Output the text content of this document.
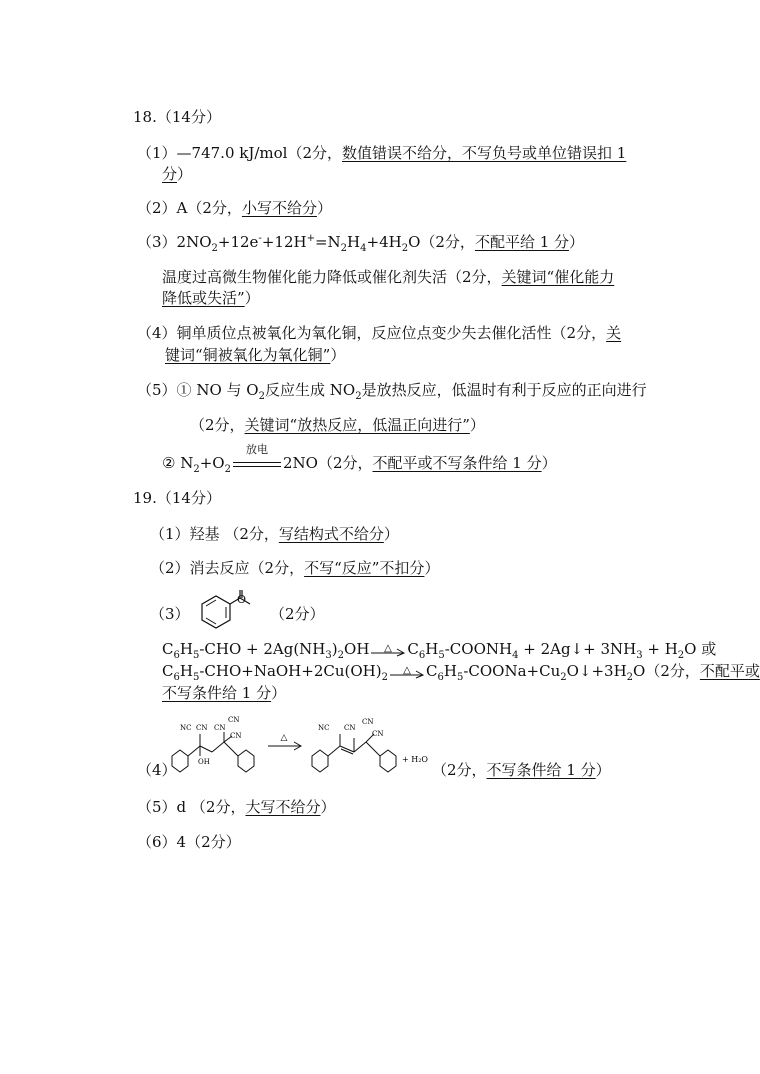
18.（14分）
（1）—747.0 kJ/mol（2分，数值错误不给分，不写负号或单位错误扣 1
分）
（2）A（2分，小写不给分）
$(3)2NO_2+12e^-+12H^+=N_2H_4+4H_2O(2$分，不配平给 1 分）
温度过高微生物催化能力降低或催化剂失活（2分，关键词“催化能力
降低或失活”）
（4）铜单质位点被氧化为氧化铜，反应位点变少失去催化活性（2分，关
键词“铜被氧化为氧化铜”）
（5）① NO 与 $O_2$反应生成 $NO_2$是放热反应，低温时有利于反应的正向进行
（2分，关键词“放热反应，低温正向进行”）
② $N_2+O_2$
放电
2NO（2分，不配平或不写条件给 1 分）
19.（14分）
（1）羟基 （2分，写结构式不给分）
（2）消去反应（2分，不写“反应”不扣分）
（3）
O
（2分）
$C_6H_5$-CHO + $2Ag(NH_3)_2OH$ △ $C_6H_5-COONH_4$ + 2Ag↓+ $3NH_3 + H_2O$ 或
$C_6H_5-CHO+NaOH+2Cu(OH)_2$
△ $C_6H_5-COONa+Cu_2O↓+3H_2O(2$分，不配平或
不写条件给 1 分）
（4）
NC CN CN
CN
CN
OH
△
NC CN
CN
CN
+ H₂O
（2分，不写条件给 1 分）
（5）d （2分，大写不给分）
（6）4（2分）
